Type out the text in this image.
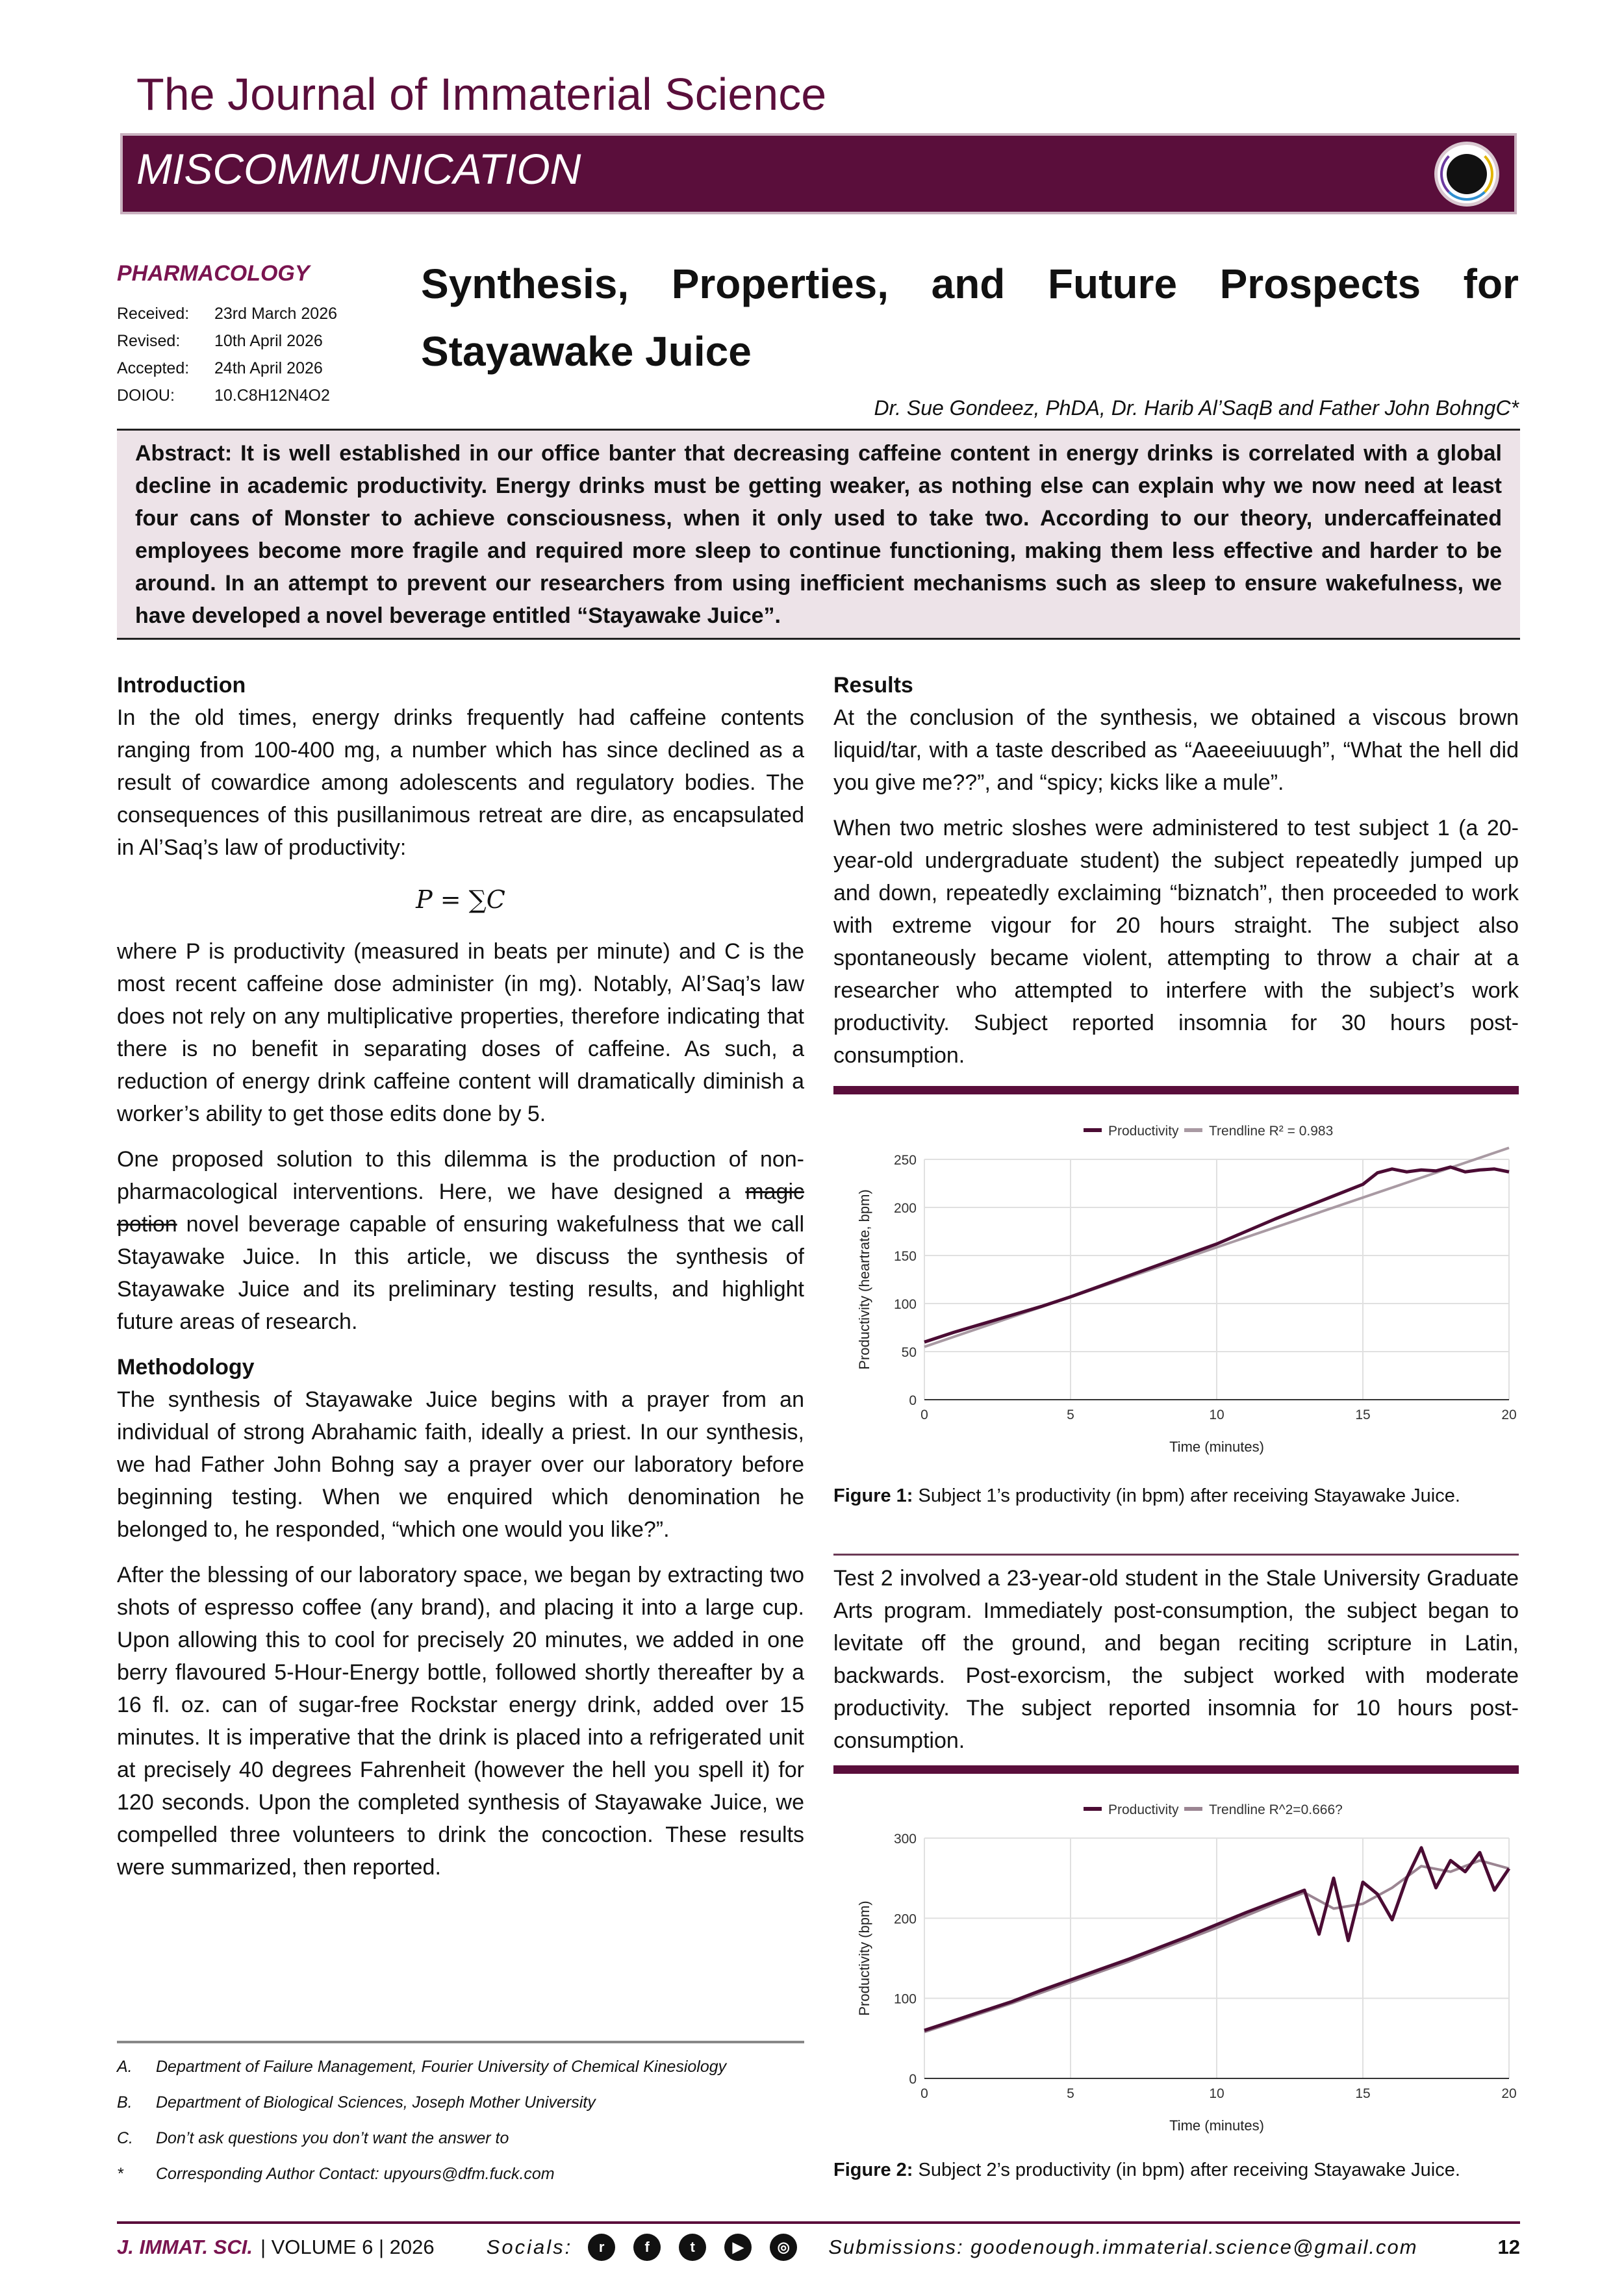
The Journal of Immaterial Science
MISCOMMUNICATION
PHARMACOLOGY
Received:	23rd March 2026
Revised:	10th April 2026
Accepted:	24th April 2026
DOIOU:	10.C8H12N4O2
Synthesis, Properties, and Future Prospects for
Stayawake Juice
Dr. Sue Gondeez, PhDA, Dr. Harib Al’SaqB and Father John BohngC*

Abstract: It is well established in our office banter that decreasing caffeine content in energy drinks is correlated with a global decline in academic productivity. Energy drinks must be getting weaker, as nothing else can explain why we now need at least four cans of Monster to achieve consciousness, when it only used to take two. According to our theory, undercaffeinated employees become more fragile and required more sleep to continue functioning, making them less effective and harder to be around. In an attempt to prevent our researchers from using inefficient mechanisms such as sleep to ensure wakefulness, we have developed a novel beverage entitled “Stayawake Juice”.

Introduction

In the old times, energy drinks frequently had caffeine contents ranging from 100-400 mg, a number which has since declined as a result of cowardice among adolescents and regulatory bodies. The consequences of this pusillanimous retreat are dire, as encapsulated in Al’Saq’s law of productivity:

P = ∑C

where P is productivity (measured in beats per minute) and C is the most recent caffeine dose administer (in mg). Notably, Al’Saq’s law does not rely on any multiplicative properties, therefore indicating that there is no benefit in separating doses of caffeine. As such, a reduction of energy drink caffeine content will dramatically diminish a worker’s ability to get those edits done by 5.

One proposed solution to this dilemma is the production of non-pharmacological interventions. Here, we have designed a magic potion novel beverage capable of ensuring wakefulness that we call Stayawake Juice. In this article, we discuss the synthesis of Stayawake Juice and its preliminary testing results, and highlight future areas of research.

Methodology

The synthesis of Stayawake Juice begins with a prayer from an individual of strong Abrahamic faith, ideally a priest. In our synthesis, we had Father John Bohng say a prayer over our laboratory before beginning testing. When we enquired which denomination he belonged to, he responded, “which one would you like?”.

After the blessing of our laboratory space, we began by extracting two shots of espresso coffee (any brand), and placing it into a large cup. Upon allowing this to cool for precisely 20 minutes, we added in one berry flavoured 5-Hour-Energy bottle, followed shortly thereafter by a 16 fl. oz. can of sugar-free Rockstar energy drink, added over 15 minutes. It is imperative that the drink is placed into a refrigerated unit at precisely 40 degrees Fahrenheit (however the hell you spell it) for 120 seconds. Upon the completed synthesis of Stayawake Juice, we compelled three volunteers to drink the concoction. These results were summarized, then reported.

A.	Department of Failure Management, Fourier University of Chemical Kinesiology
B.	Department of Biological Sciences, Joseph Mother University
C.	Don’t ask questions you don’t want the answer to
*	Corresponding Author Contact: upyours@dfm.fuck.com
Results

At the conclusion of the synthesis, we obtained a viscous brown liquid/tar, with a taste described as “Aaeeeiuuugh”, “What the hell did you give me??”, and “spicy; kicks like a mule”.

When two metric sloshes were administered to test subject 1 (a 20-year-old undergraduate student) the subject repeatedly jumped up and down, repeatedly exclaiming “biznatch”, then proceeded to work with extreme vigour for 20 hours straight. The subject also spontaneously became violent, attempting to throw a chair at a researcher who attempted to interfere with the subject’s work productivity. Subject reported insomnia for 30 hours post-consumption.

0
50
100
150
200
250
0	5	10	15	20
Time (minutes)
Productivity (heartrate, bpm)
Productivity Trendline R² = 0.983
Figure 1: Subject 1’s productivity (in bpm) after receiving Stayawake Juice.

Test 2 involved a 23-year-old student in the Stale University Graduate Arts program. Immediately post-consumption, the subject began to levitate off the ground, and began reciting scripture in Latin, backwards. Post-exorcism, the subject worked with moderate productivity. The subject reported insomnia for 10 hours post-consumption.

0
100
200
300
0	5	10	15	20
Time (minutes)
Productivity (bpm)
Productivity Trendline R^2=0.666?
Figure 2: Subject 2’s productivity (in bpm) after receiving Stayawake Juice.
J. IMMAT. SCI. | VOLUME 6 | 2026	Socials:	r	f	t	▶	◎	Submissions: goodenough.immaterial.science@gmail.com	12
